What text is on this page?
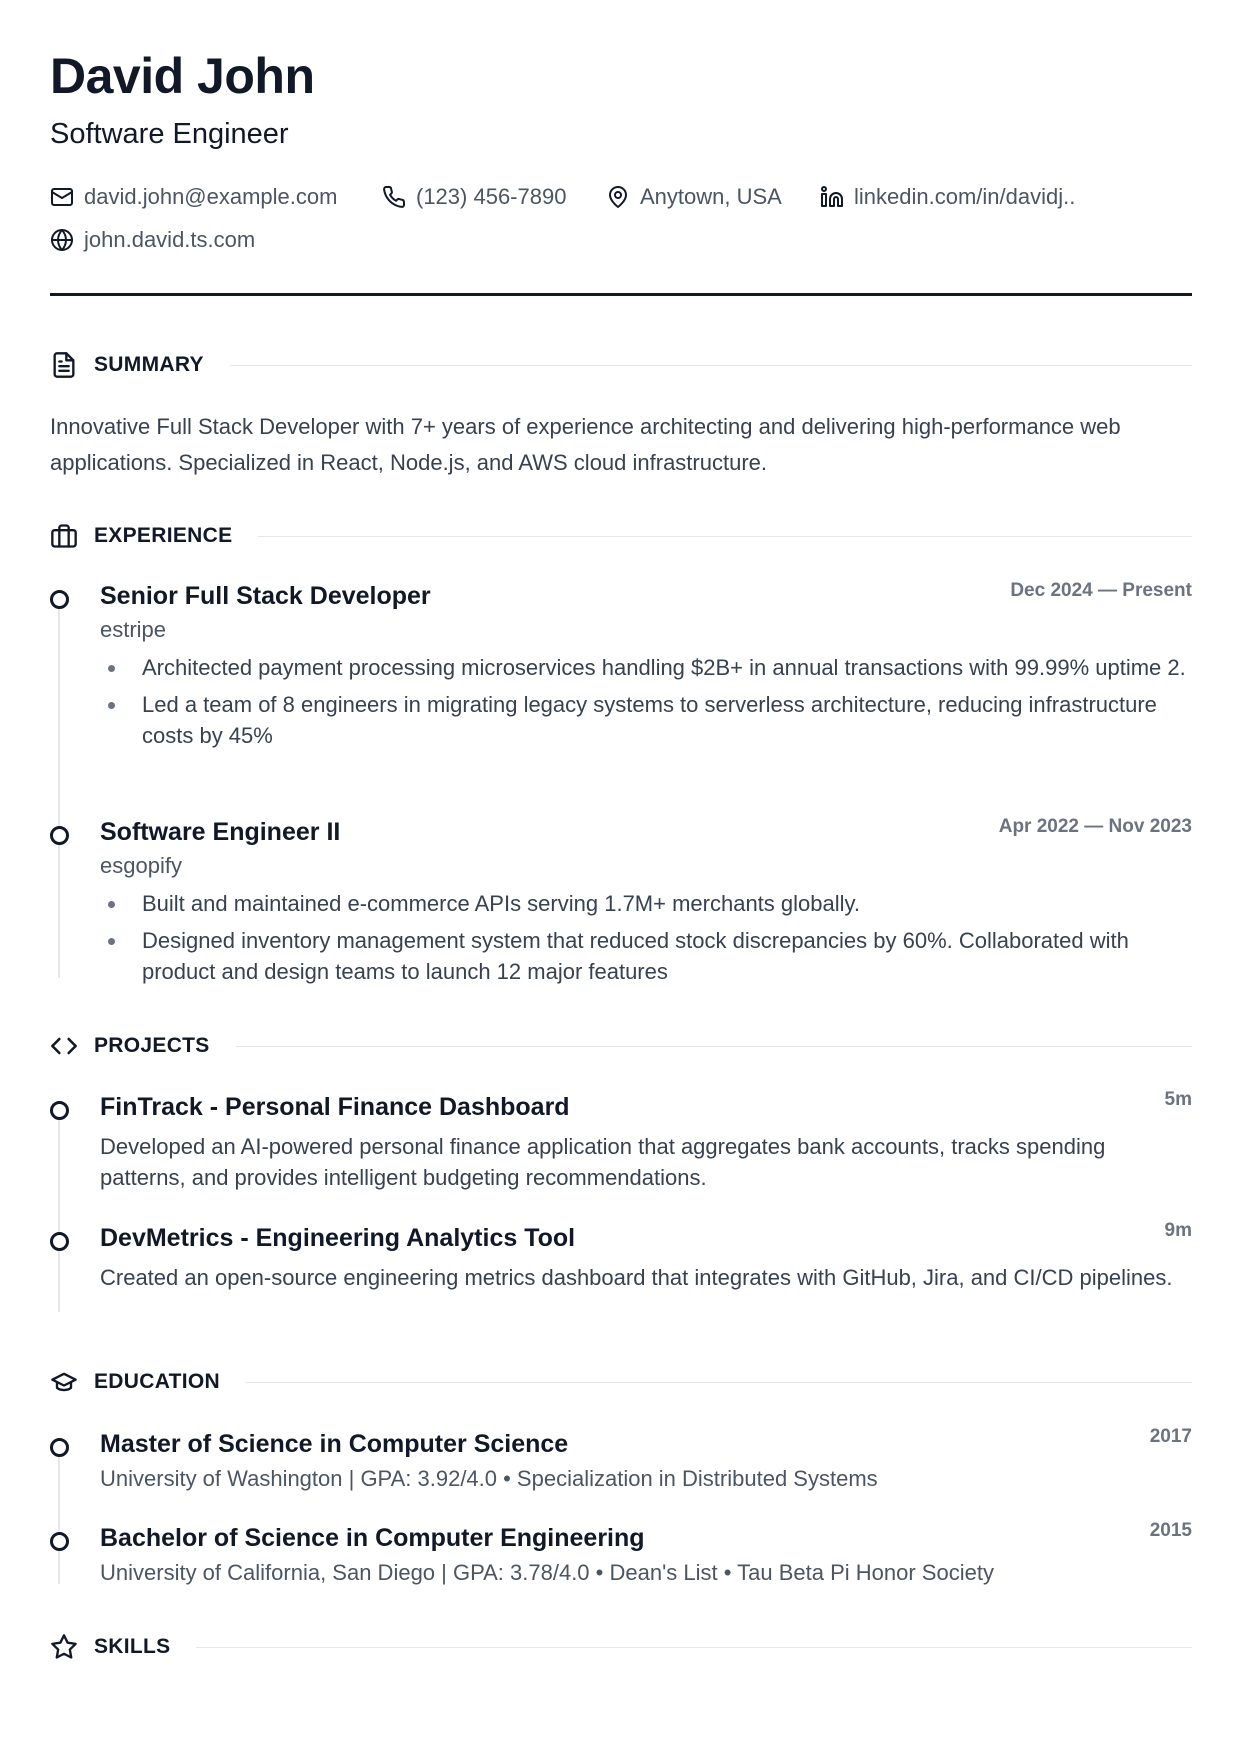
David John
Software Engineer
david.john@example.com	(123) 456-7890	Anytown, USA	linkedin.com/in/davidj..
john.david.ts.com
SUMMARY
Innovative Full Stack Developer with 7+ years of experience architecting and delivering high-performance web applications. Specialized in React, Node.js, and AWS cloud infrastructure.
EXPERIENCE
Senior Full Stack Developer	Dec 2024 — Present
estripe
Architected payment processing microservices handling $2B+ in annual transactions with 99.99% uptime 2.
Led a team of 8 engineers in migrating legacy systems to serverless architecture, reducing infrastructure costs by 45%
Software Engineer II	Apr 2022 — Nov 2023
esgopify
Built and maintained e-commerce APIs serving 1.7M+ merchants globally.
Designed inventory management system that reduced stock discrepancies by 60%. Collaborated with product and design teams to launch 12 major features
PROJECTS
FinTrack - Personal Finance Dashboard	5m
Developed an AI-powered personal finance application that aggregates bank accounts, tracks spending patterns, and provides intelligent budgeting recommendations.
DevMetrics - Engineering Analytics Tool	9m
Created an open-source engineering metrics dashboard that integrates with GitHub, Jira, and CI/CD pipelines.
EDUCATION
Master of Science in Computer Science	2017
University of Washington | GPA: 3.92/4.0 • Specialization in Distributed Systems
Bachelor of Science in Computer Engineering	2015
University of California, San Diego | GPA: 3.78/4.0 • Dean's List • Tau Beta Pi Honor Society
SKILLS
